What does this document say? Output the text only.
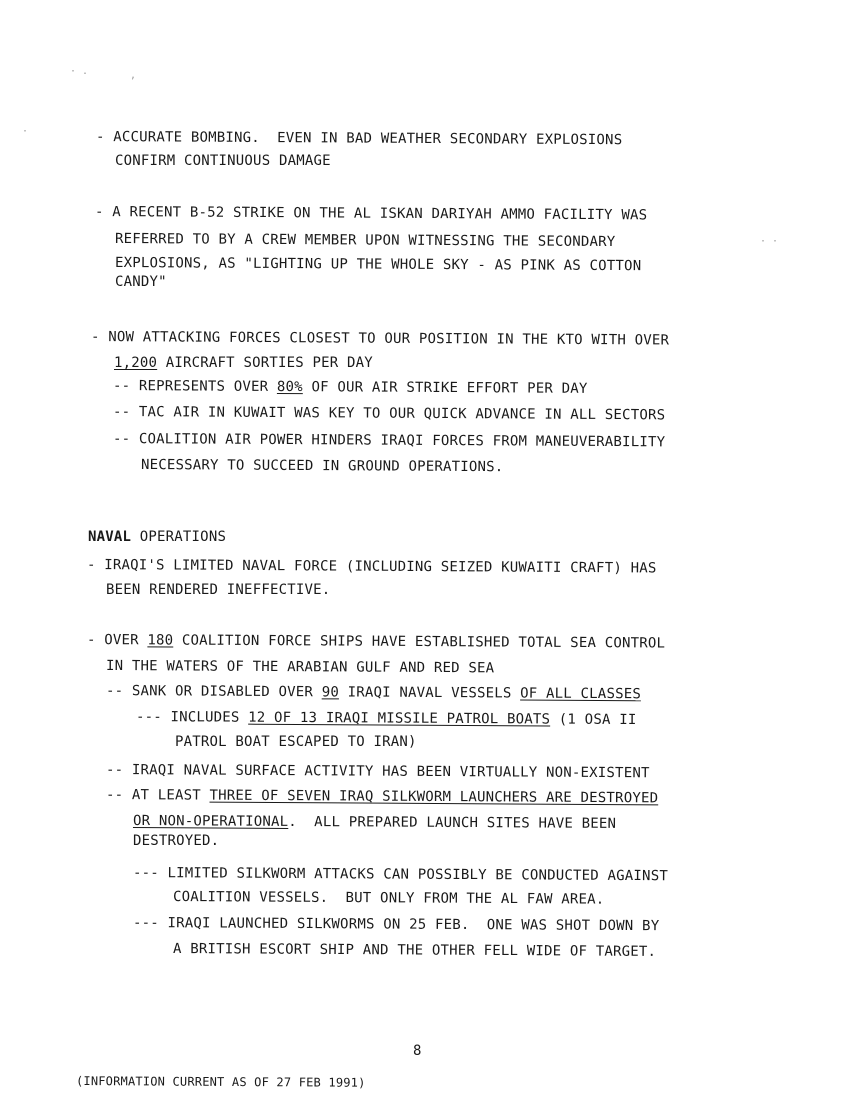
· .	,
·
· ·
- ACCURATE BOMBING.  EVEN IN BAD WEATHER SECONDARY EXPLOSIONS
CONFIRM CONTINUOUS DAMAGE
- A RECENT B-52 STRIKE ON THE AL ISKAN DARIYAH AMMO FACILITY WAS
REFERRED TO BY A CREW MEMBER UPON WITNESSING THE SECONDARY
EXPLOSIONS, AS "LIGHTING UP THE WHOLE SKY - AS PINK AS COTTON
CANDY"
- NOW ATTACKING FORCES CLOSEST TO OUR POSITION IN THE KTO WITH OVER
1,200 AIRCRAFT SORTIES PER DAY
-- REPRESENTS OVER 80% OF OUR AIR STRIKE EFFORT PER DAY
-- TAC AIR IN KUWAIT WAS KEY TO OUR QUICK ADVANCE IN ALL SECTORS
-- COALITION AIR POWER HINDERS IRAQI FORCES FROM MANEUVERABILITY
NECESSARY TO SUCCEED IN GROUND OPERATIONS.
NAVAL OPERATIONS
- IRAQI'S LIMITED NAVAL FORCE (INCLUDING SEIZED KUWAITI CRAFT) HAS
BEEN RENDERED INEFFECTIVE.
- OVER 180 COALITION FORCE SHIPS HAVE ESTABLISHED TOTAL SEA CONTROL
IN THE WATERS OF THE ARABIAN GULF AND RED SEA
-- SANK OR DISABLED OVER 90 IRAQI NAVAL VESSELS OF ALL CLASSES
--- INCLUDES 12 OF 13 IRAQI MISSILE PATROL BOATS (1 OSA II
PATROL BOAT ESCAPED TO IRAN)
-- IRAQI NAVAL SURFACE ACTIVITY HAS BEEN VIRTUALLY NON-EXISTENT
-- AT LEAST THREE OF SEVEN IRAQ SILKWORM LAUNCHERS ARE DESTROYED
OR NON-OPERATIONAL.  ALL PREPARED LAUNCH SITES HAVE BEEN
DESTROYED.
--- LIMITED SILKWORM ATTACKS CAN POSSIBLY BE CONDUCTED AGAINST
COALITION VESSELS.  BUT ONLY FROM THE AL FAW AREA.
--- IRAQI LAUNCHED SILKWORMS ON 25 FEB.  ONE WAS SHOT DOWN BY
A BRITISH ESCORT SHIP AND THE OTHER FELL WIDE OF TARGET.
8
(INFORMATION CURRENT AS OF 27 FEB 1991)
